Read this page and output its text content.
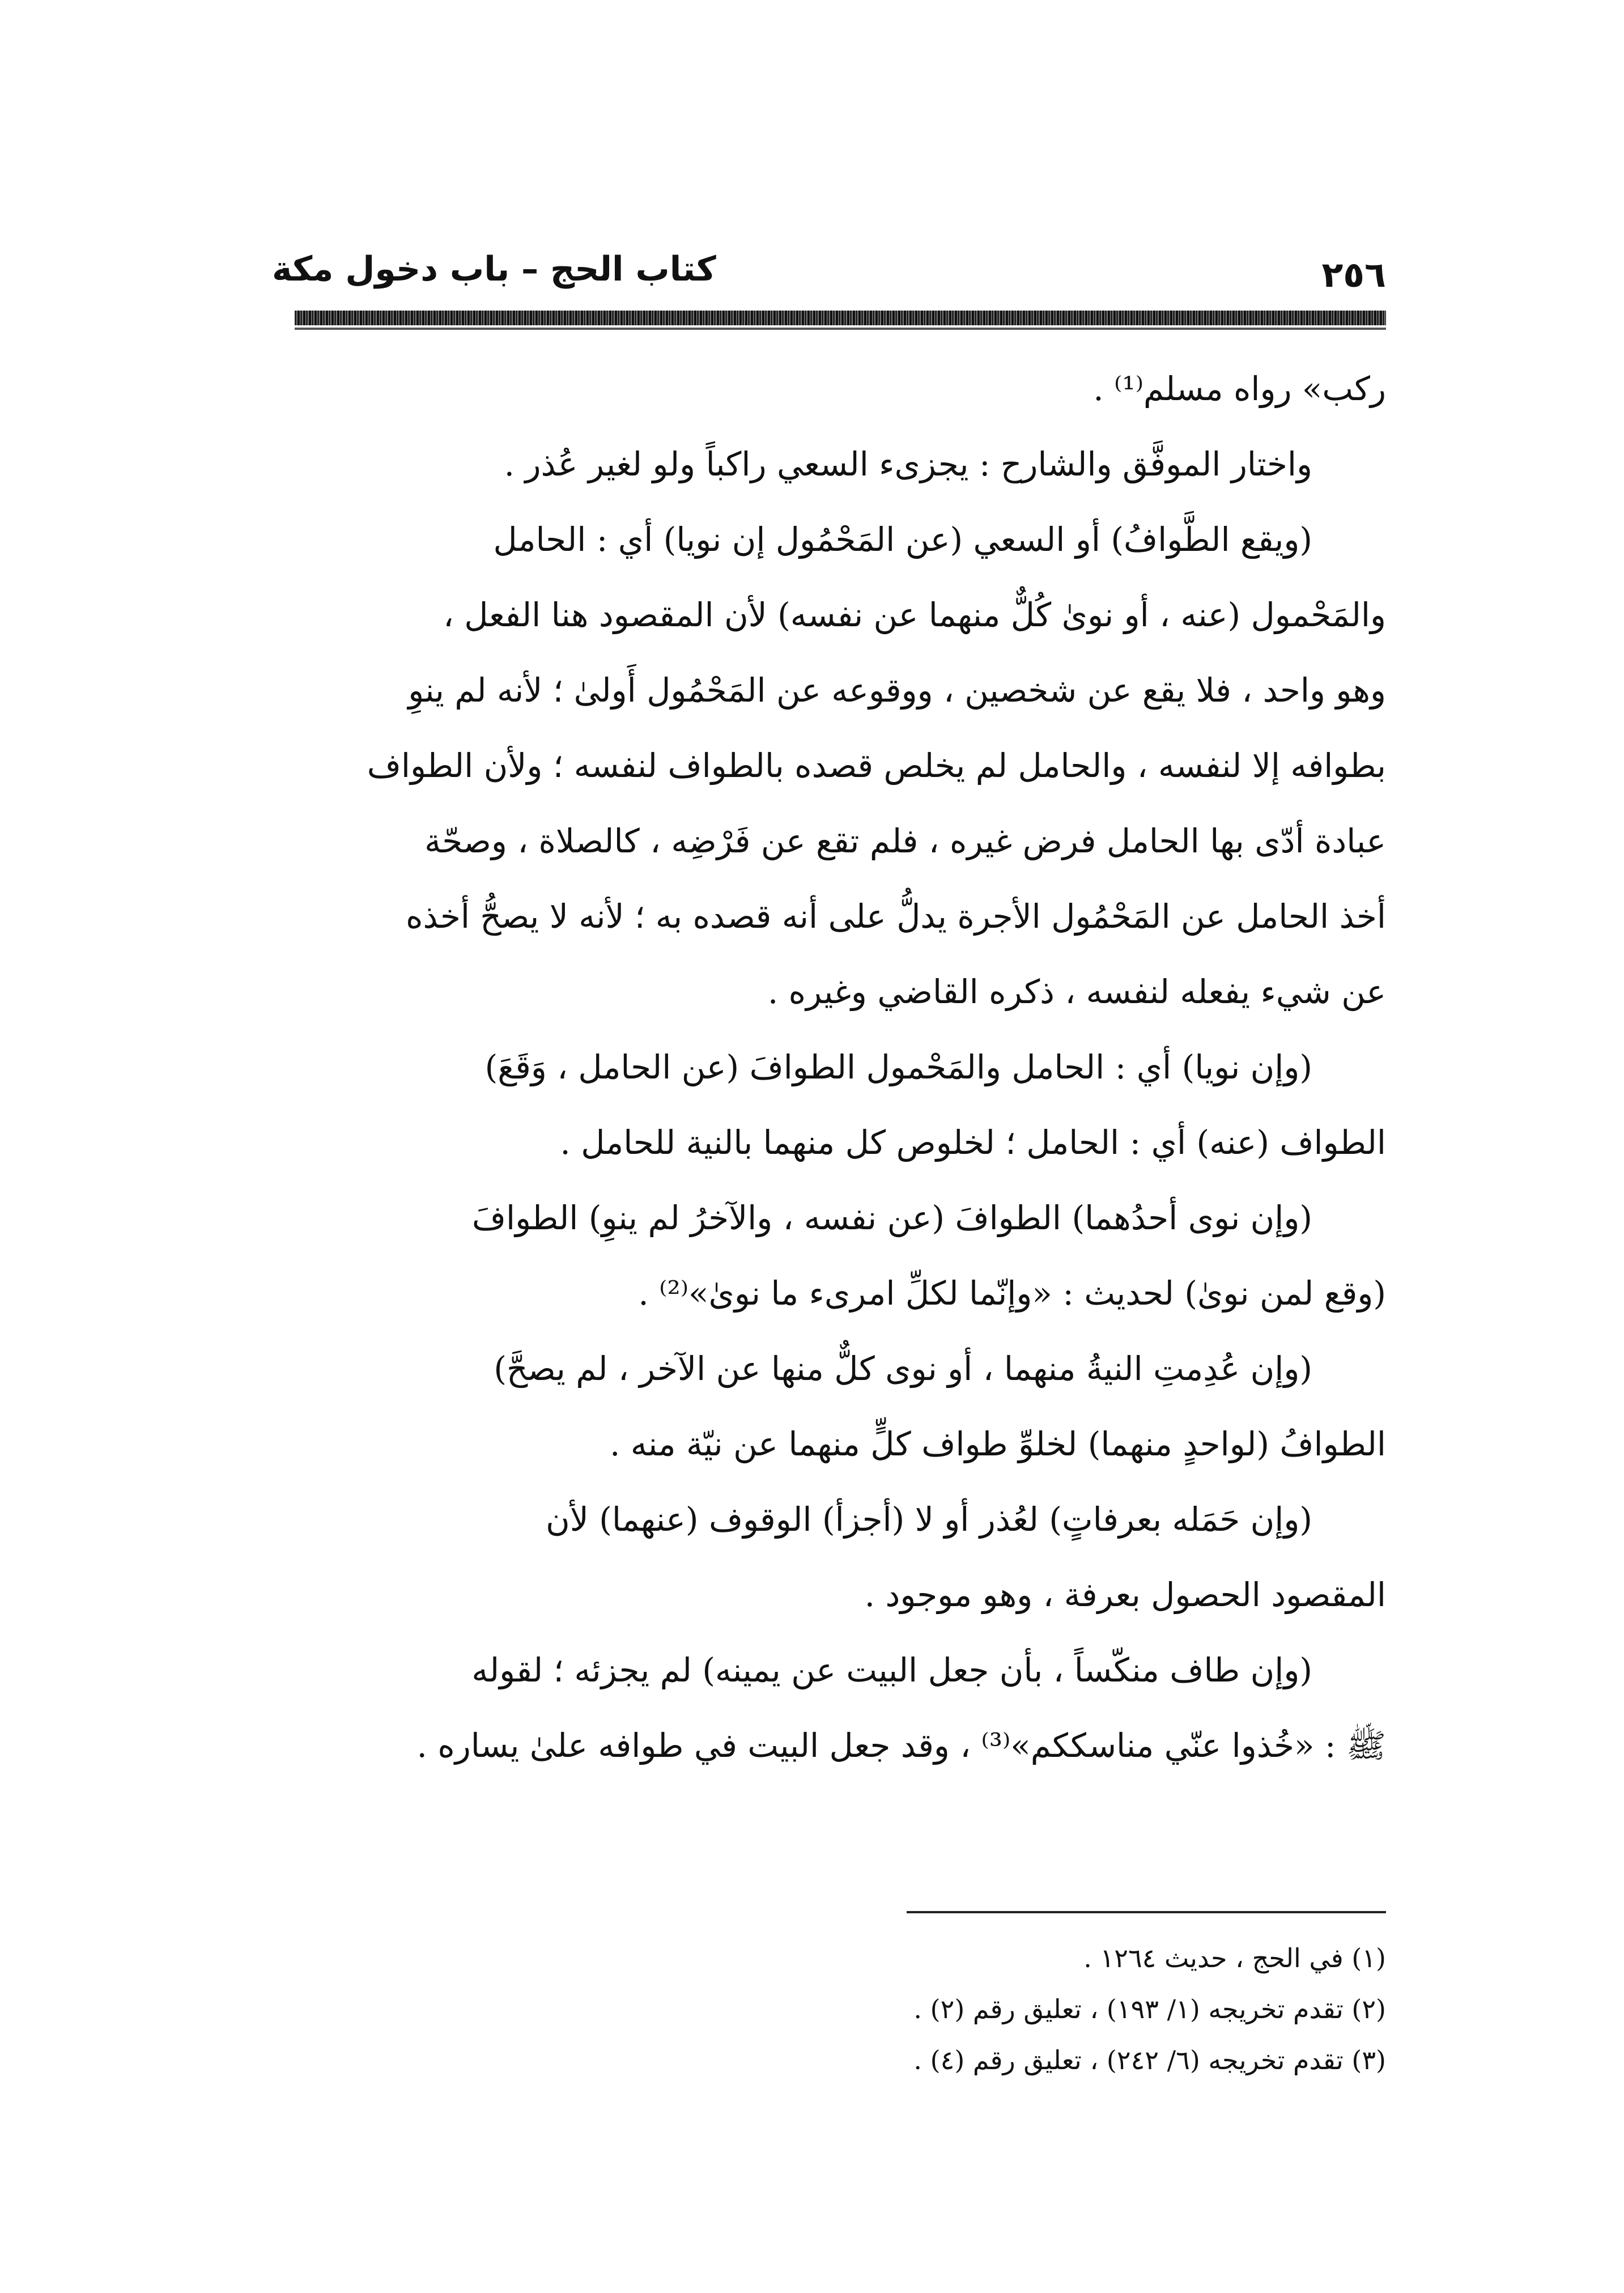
٢٥٦
كتاب الحج – باب دخول مكة

ركب» رواه مسلم⁽¹⁾ .

واختار الموفَّق والشارح : يجزىء السعي راكباً ولو لغير عُذر .

(ويقع الطَّوافُ) أو السعي (عن المَحْمُول إن نويا) أي : الحامل

والمَحْمول (عنه ، أو نوىٰ كُلٌّ منهما عن نفسه) لأن المقصود هنا الفعل ،

وهو واحد ، فلا يقع عن شخصين ، ووقوعه عن المَحْمُول أَولىٰ ؛ لأنه لم ينوِ

بطوافه إلا لنفسه ، والحامل لم يخلص قصده بالطواف لنفسه ؛ ولأن الطواف

عبادة أدّى بها الحامل فرض غيره ، فلم تقع عن فَرْضِه ، كالصلاة ، وصحّة

أخذ الحامل عن المَحْمُول الأجرة يدلُّ على أنه قصده به ؛ لأنه لا يصحُّ أخذه

عن شيء يفعله لنفسه ، ذكره القاضي وغيره .

(وإن نويا) أي : الحامل والمَحْمول الطوافَ (عن الحامل ، وَقَعَ)

الطواف (عنه) أي : الحامل ؛ لخلوص كل منهما بالنية للحامل .

(وإن نوى أحدُهما) الطوافَ (عن نفسه ، والآخرُ لم ينوِ) الطوافَ

(وقع لمن نوىٰ) لحديث : «وإنّما لكلِّ امرىء ما نوىٰ»⁽²⁾ .

(وإن عُدِمتِ النيةُ منهما ، أو نوى كلٌّ منها عن الآخر ، لم يصحَّ)

الطوافُ (لواحدٍ منهما) لخلوِّ طواف كلٍّ منهما عن نيّة منه .

(وإن حَمَله بعرفاتٍ) لعُذر أو لا (أجزأ) الوقوف (عنهما) لأن

المقصود الحصول بعرفة ، وهو موجود .

(وإن طاف منكّساً ، بأن جعل البيت عن يمينه) لم يجزئه ؛ لقوله

ﷺ : «خُذوا عنّي مناسككم»⁽³⁾ ، وقد جعل البيت في طوافه علىٰ يساره .

(١) في الحج ، حديث ١٢٦٤ .

(٢) تقدم تخريجه (١/ ١٩٣) ، تعليق رقم (٢) .

(٣) تقدم تخريجه (٦/ ٢٤٢) ، تعليق رقم (٤) .
